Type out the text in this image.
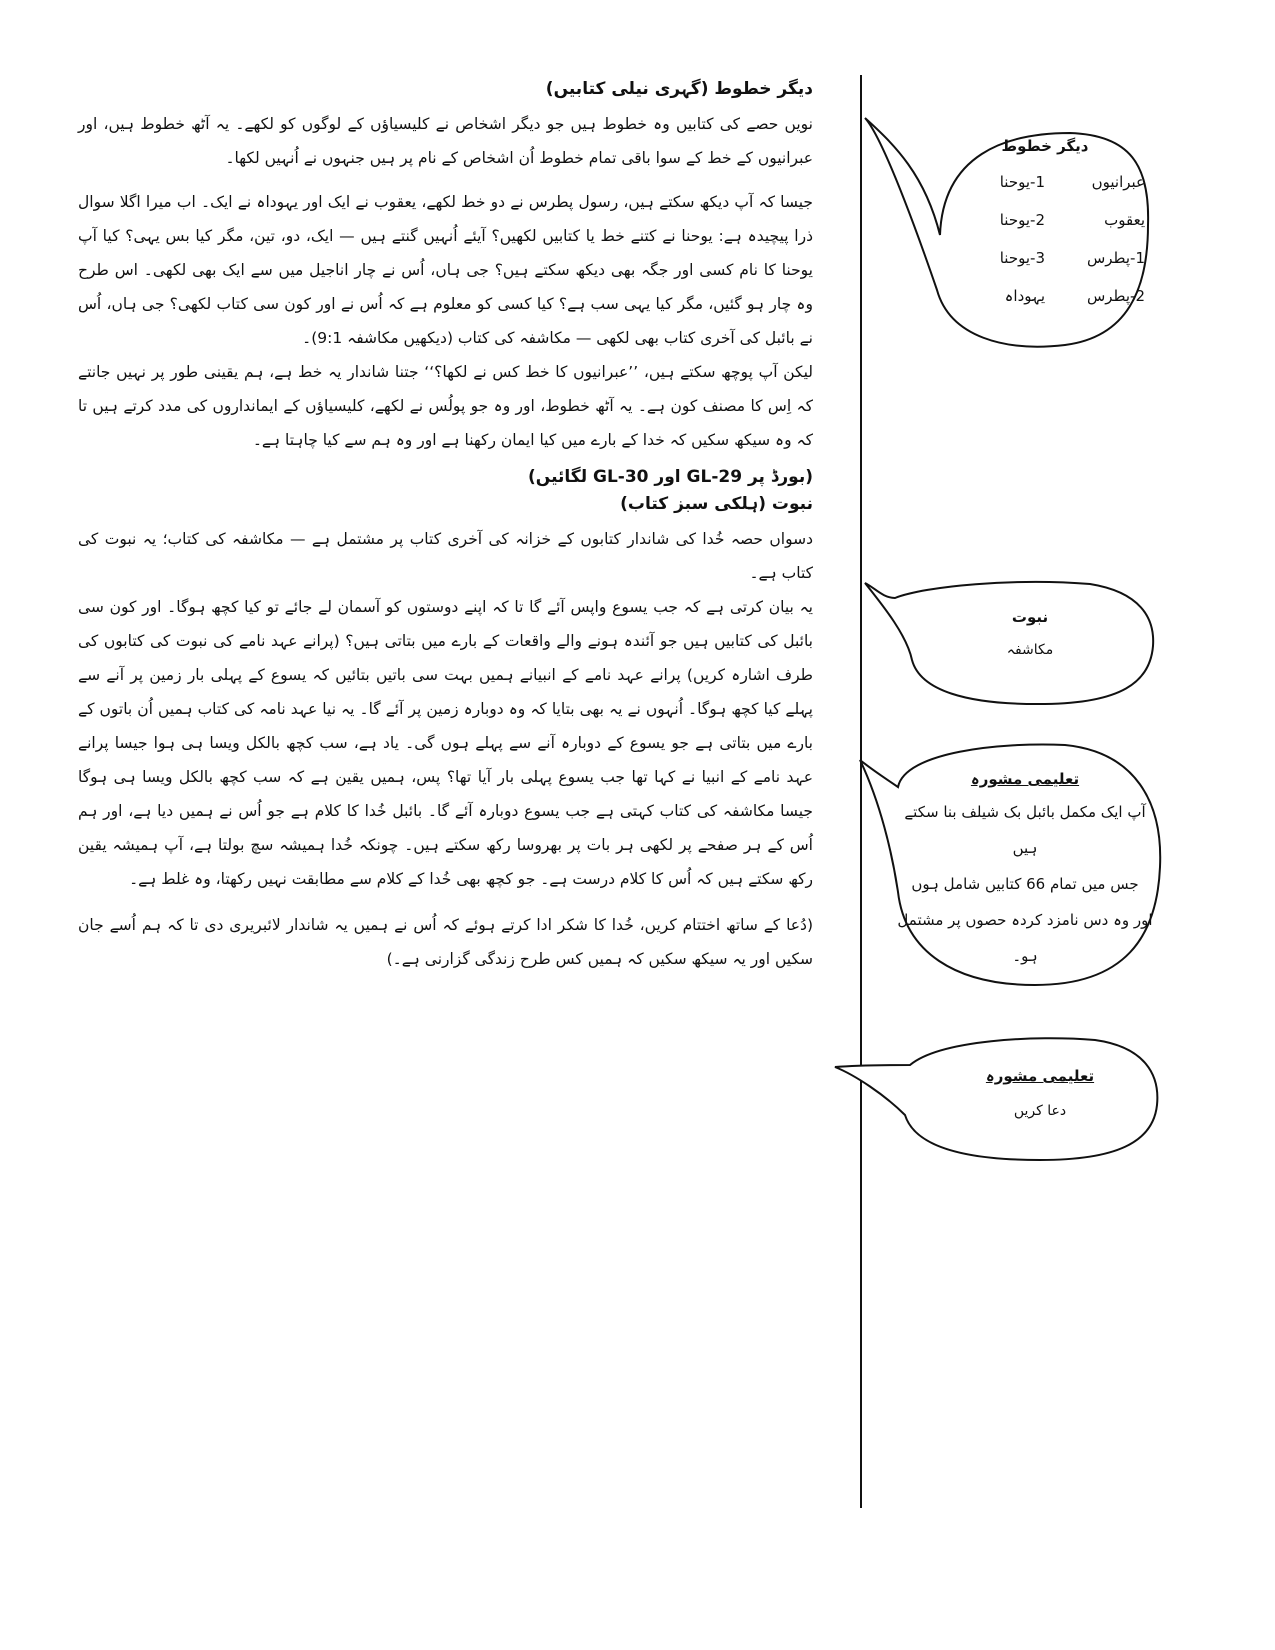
دیگر خطوط (گہری نیلی کتابیں)

نویں حصے کی کتابیں وہ خطوط ہیں جو دیگر اشخاص نے کلیسیاؤں کے لوگوں کو لکھے۔ یہ آٹھ خطوط ہیں، اور عبرانیوں کے خط کے سوا باقی تمام خطوط اُن اشخاص کے نام پر ہیں جنہوں نے اُنہیں لکھا۔

جیسا کہ آپ دیکھ سکتے ہیں، رسول پطرس نے دو خط لکھے، یعقوب نے ایک اور یہوداہ نے ایک۔ اب میرا اگلا سوال ذرا پیچیدہ ہے: یوحنا نے کتنے خط یا کتابیں لکھیں؟ آیئے اُنہیں گنتے ہیں — ایک، دو، تین، مگر کیا بس یہی؟ کیا آپ یوحنا کا نام کسی اور جگہ بھی دیکھ سکتے ہیں؟ جی ہاں، اُس نے چار اناجیل میں سے ایک بھی لکھی۔ اس طرح وہ چار ہو گئیں، مگر کیا یہی سب ہے؟ کیا کسی کو معلوم ہے کہ اُس نے اور کون سی کتاب لکھی؟ جی ہاں، اُس نے بائبل کی آخری کتاب بھی لکھی — مکاشفہ کی کتاب (دیکھیں مکاشفہ 9:1)۔

لیکن آپ پوچھ سکتے ہیں، ’’عبرانیوں کا خط کس نے لکھا؟‘‘ جتنا شاندار یہ خط ہے، ہم یقینی طور پر نہیں جانتے کہ اِس کا مصنف کون ہے۔ یہ آٹھ خطوط، اور وہ جو پولُس نے لکھے، کلیسیاؤں کے ایمانداروں کی مدد کرتے ہیں تا کہ وہ سیکھ سکیں کہ خدا کے بارے میں کیا ایمان رکھنا ہے اور وہ ہم سے کیا چاہتا ہے۔

(بورڈ پر GL-29 اور GL-30 لگائیں)
نبوت (ہلکی سبز کتاب)

دسواں حصہ خُدا کی شاندار کتابوں کے خزانہ کی آخری کتاب پر مشتمل ہے — مکاشفہ کی کتاب؛ یہ نبوت کی کتاب ہے۔

یہ بیان کرتی ہے کہ جب یسوع واپس آئے گا تا کہ اپنے دوستوں کو آسمان لے جائے تو کیا کچھ ہوگا۔ اور کون سی بائبل کی کتابیں ہیں جو آئندہ ہونے والے واقعات کے بارے میں بتاتی ہیں؟ (پرانے عہد نامے کی نبوت کی کتابوں کی طرف اشارہ کریں) پرانے عہد نامے کے انبیانے ہمیں بہت سی باتیں بتائیں کہ یسوع کے پہلی بار زمین پر آنے سے پہلے کیا کچھ ہوگا۔ اُنہوں نے یہ بھی بتایا کہ وہ دوبارہ زمین پر آئے گا۔ یہ نیا عہد نامہ کی کتاب ہمیں اُن باتوں کے بارے میں بتاتی ہے جو یسوع کے دوبارہ آنے سے پہلے ہوں گی۔ یاد ہے، سب کچھ بالکل ویسا ہی ہوا جیسا پرانے عہد نامے کے انبیا نے کہا تھا جب یسوع پہلی بار آیا تھا؟ پس، ہمیں یقین ہے کہ سب کچھ بالکل ویسا ہی ہوگا جیسا مکاشفہ کی کتاب کہتی ہے جب یسوع دوبارہ آئے گا۔ بائبل خُدا کا کلام ہے جو اُس نے ہمیں دیا ہے، اور ہم اُس کے ہر صفحے پر لکھی ہر بات پر بھروسا رکھ سکتے ہیں۔ چونکہ خُدا ہمیشہ سچ بولتا ہے، آپ ہمیشہ یقین رکھ سکتے ہیں کہ اُس کا کلام درست ہے۔ جو کچھ بھی خُدا کے کلام سے مطابقت نہیں رکھتا، وہ غلط ہے۔

(دُعا کے ساتھ اختتام کریں، خُدا کا شکر ادا کرتے ہوئے کہ اُس نے ہمیں یہ شاندار لائبریری دی تا کہ ہم اُسے جان سکیں اور یہ سیکھ سکیں کہ ہمیں کس طرح زندگی گزارنی ہے۔)

دیگر خطوط
عبرانیوں
1-یوحنا
یعقوب
2-یوحنا
1-پطرس
3-یوحنا
2-پطرس
یہوداہ
نبوت
مکاشفہ
تعلیمی مشورہ
آپ ایک مکمل بائبل بک شیلف بنا سکتے ہیں
جس میں تمام 66 کتابیں شامل ہوں
اور وہ دس نامزد کردہ حصوں پر مشتمل ہو۔
تعلیمی مشورہ
دعا کریں
